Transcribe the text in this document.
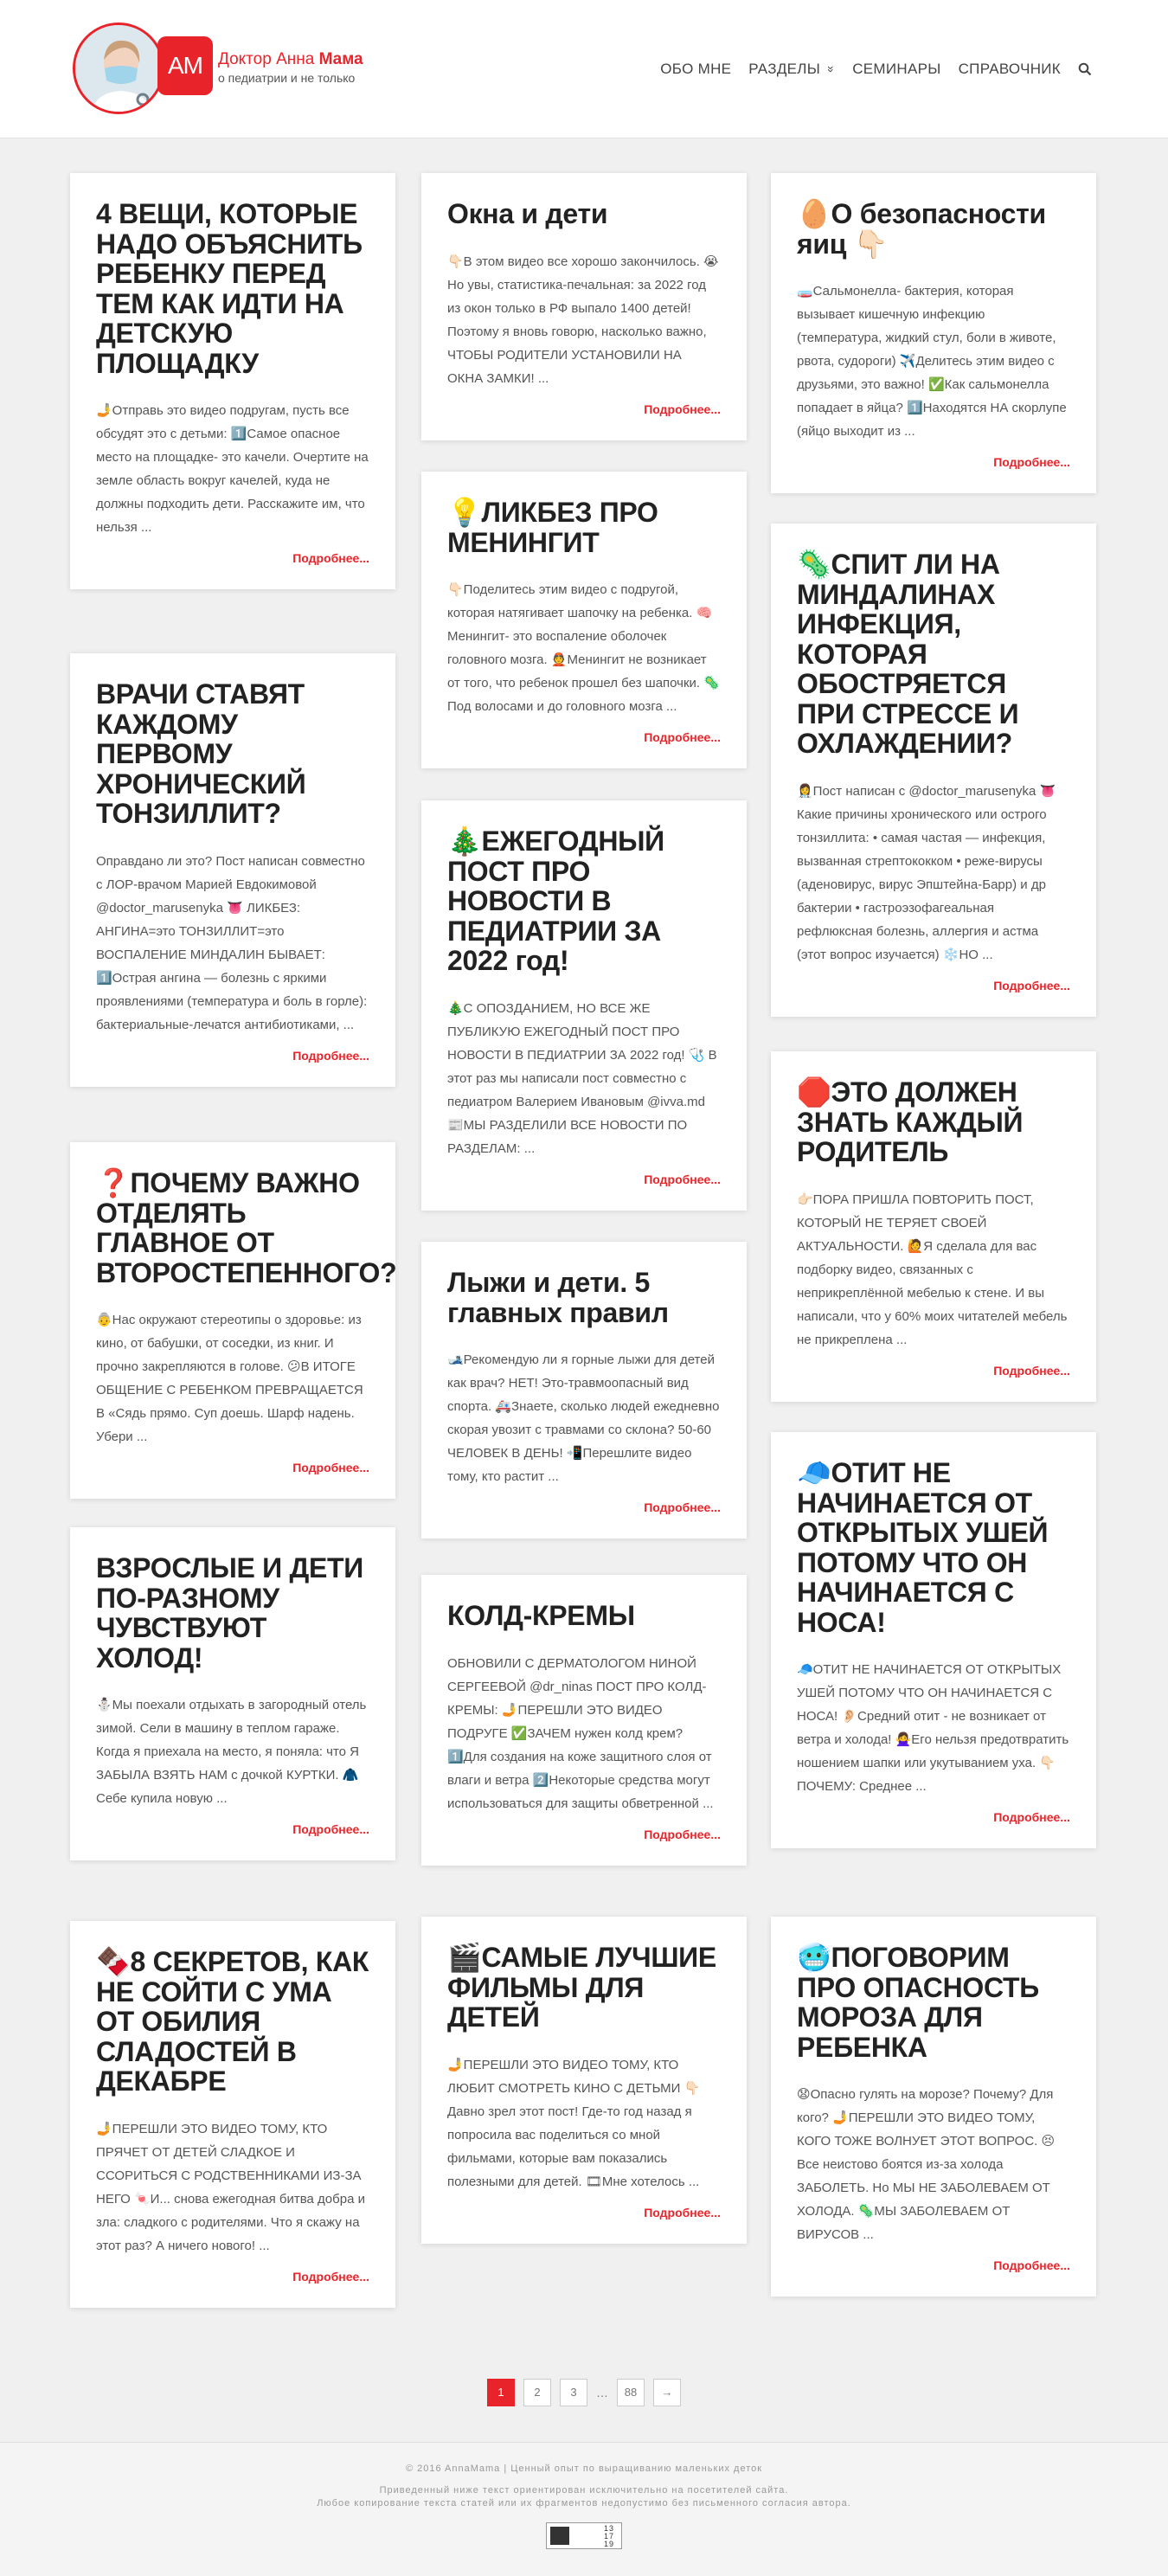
AM Доктор Анна Мама
о педиатрии и не только
ОБО МНЕ РАЗДЕЛЫ » СЕМИНАРЫ СПРАВОЧНИК
4 ВЕЩИ, КОТОРЫЕ НАДО ОБЪЯСНИТЬ РЕБЕНКУ ПЕРЕД ТЕМ КАК ИДТИ НА ДЕТСКУЮ ПЛОЩАДКУ
🤳Отправь это видео подругам, пусть все обсудят это с детьми: 1️⃣Самое опасное место на площадке- это качели. Очертите на земле область вокруг качелей, куда не должны подходить дети. Расскажите им, что нельзя ...
Подробнее...
ВРАЧИ СТАВЯТ КАЖДОМУ ПЕРВОМУ ХРОНИЧЕСКИЙ ТОНЗИЛЛИТ?
Оправдано ли это? Пост написан совместно с ЛОР-врачом Марией Евдокимовой @doctor_marusenyka 👅 ЛИКБЕЗ: АНГИНА=это ТОНЗИЛЛИТ=это ВОСПАЛЕНИЕ МИНДАЛИН БЫВАЕТ: 1️⃣Острая ангина — болезнь с яркими проявлениями (температура и боль в горле): бактериальные-лечатся антибиотиками, ...
Подробнее...
❓ПОЧЕМУ ВАЖНО ОТДЕЛЯТЬ ГЛАВНОЕ ОТ ВТОРОСТЕПЕННОГО?
👵Нас окружают стереотипы о здоровье: из кино, от бабушки, от соседки, из книг. И прочно закрепляются в голове. 😕В ИТОГЕ ОБЩЕНИЕ С РЕБЕНКОМ ПРЕВРАЩАЕТСЯ В «Сядь прямо. Суп доешь. Шарф надень. Убери ...
Подробнее...
ВЗРОСЛЫЕ И ДЕТИ ПО-РАЗНОМУ ЧУВСТВУЮТ ХОЛОД!
⛄Мы поехали отдыхать в загородный отель зимой. Сели в машину в теплом гараже. Когда я приехала на место, я поняла: что Я ЗАБЫЛА ВЗЯТЬ НАМ с дочкой КУРТКИ. 🧥Себе купила новую ...
Подробнее...
🍫8 СЕКРЕТОВ, КАК НЕ СОЙТИ С УМА ОТ ОБИЛИЯ СЛАДОСТЕЙ В ДЕКАБРЕ
🤳ПЕРЕШЛИ ЭТО ВИДЕО ТОМУ, КТО ПРЯЧЕТ ОТ ДЕТЕЙ СЛАДКОЕ И ССОРИТЬСЯ С РОДСТВЕННИКАМИ ИЗ-ЗА НЕГО 🍬И... снова ежегодная битва добра и зла: сладкого с родителями. Что я скажу на этот раз? А ничего нового! ...
Подробнее...
Окна и дети
👇🏻В этом видео все хорошо закончилось. 😭Но увы, статистика-печальная: за 2022 год из окон только в РФ выпало 1400 детей! Поэтому я вновь говорю, насколько важно, ЧТОБЫ РОДИТЕЛИ УСТАНОВИЛИ НА ОКНА ЗАМКИ! ...
Подробнее...
💡ЛИКБЕЗ ПРО МЕНИНГИТ
👇🏻Поделитесь этим видео с подругой, которая натягивает шапочку на ребенка. 🧠Менингит- это воспаление оболочек головного мозга. 👲Менингит не возникает от того, что ребенок прошел без шапочки. 🦠Под волосами и до головного мозга ...
Подробнее...
🎄ЕЖЕГОДНЫЙ ПОСТ ПРО НОВОСТИ В ПЕДИАТРИИ ЗА 2022 год!
🎄С ОПОЗДАНИЕМ, НО ВСЕ ЖЕ ПУБЛИКУЮ ЕЖЕГОДНЫЙ ПОСТ ПРО НОВОСТИ В ПЕДИАТРИИ ЗА 2022 год! 🩺 В этот раз мы написали пост совместно с педиатром Валерием Ивановым @ivva.md 📰МЫ РАЗДЕЛИЛИ ВСЕ НОВОСТИ ПО РАЗДЕЛАМ: ...
Подробнее...
Лыжи и дети. 5 главных правил
🎿Рекомендую ли я горные лыжи для детей как врач? НЕТ! Это-травмоопасный вид спорта. 🚑Знаете, сколько людей ежедневно скорая увозит с травмами со склона? 50-60 ЧЕЛОВЕК В ДЕНЬ! 📲Перешлите видео тому, кто растит ...
Подробнее...
КОЛД-КРЕМЫ
ОБНОВИЛИ С ДЕРМАТОЛОГОМ НИНОЙ СЕРГЕЕВОЙ @dr_ninas ПОСТ ПРО КОЛД-КРЕМЫ: 🤳ПЕРЕШЛИ ЭТО ВИДЕО ПОДРУГЕ ✅ЗАЧЕМ нужен колд крем? 1️⃣Для создания на коже защитного слоя от влаги и ветра 2️⃣Некоторые средства могут использоваться для защиты обветренной ...
Подробнее...
🎬САМЫЕ ЛУЧШИЕ ФИЛЬМЫ ДЛЯ ДЕТЕЙ
🤳ПЕРЕШЛИ ЭТО ВИДЕО ТОМУ, КТО ЛЮБИТ СМОТРЕТЬ КИНО С ДЕТЬМИ 👇🏻 Давно зрел этот пост! Где-то год назад я попросила вас поделиться со мной фильмами, которые вам показались полезными для детей. 🎞Мне хотелось ...
Подробнее...
🥚О безопасности яиц 👇🏻
🧫Сальмонелла- бактерия, которая вызывает кишечную инфекцию (температура, жидкий стул, боли в животе, рвота, судороги) ✈️Делитесь этим видео с друзьями, это важно! ✅Как сальмонелла попадает в яйца? 1️⃣Находятся НА скорлупе (яйцо выходит из ...
Подробнее...
🦠СПИТ ЛИ НА МИНДАЛИНАХ ИНФЕКЦИЯ, КОТОРАЯ ОБОСТРЯЕТСЯ ПРИ СТРЕССЕ И ОХЛАЖДЕНИИ?
👩‍⚕️Пост написан с @doctor_marusenyka 👅 Какие причины хронического или острого тонзиллита: • самая частая — инфекция, вызванная стрептококком • реже-вирусы (аденовирус, вирус Эпштейна-Барр) и др бактерии • гастроэзофагеальная рефлюксная болезнь, аллергия и астма (этот вопрос изучается) ❄️НО ...
Подробнее...
🛑ЭТО ДОЛЖЕН ЗНАТЬ КАЖДЫЙ РОДИТЕЛЬ
👉🏻ПОРА ПРИШЛА ПОВТОРИТЬ ПОСТ, КОТОРЫЙ НЕ ТЕРЯЕТ СВОЕЙ АКТУАЛЬНОСТИ. 🙋Я сделала для вас подборку видео, связанных с неприкреплённой мебелью к стене. И вы написали, что у 60% моих читателей мебель не прикреплена ...
Подробнее...
🧢ОТИТ НЕ НАЧИНАЕТСЯ ОТ ОТКРЫТЫХ УШЕЙ ПОТОМУ ЧТО ОН НАЧИНАЕТСЯ С НОСА!
🧢ОТИТ НЕ НАЧИНАЕТСЯ ОТ ОТКРЫТЫХ УШЕЙ ПОТОМУ ЧТО ОН НАЧИНАЕТСЯ С НОСА! 👂🏻Средний отит - не возникает от ветра и холода! 🙅‍♀️Его нельзя предотвратить ношением шапки или укутыванием уха. 👇🏻ПОЧЕМУ: Среднее ...
Подробнее...
🥶ПОГОВОРИМ ПРО ОПАСНОСТЬ МОРОЗА ДЛЯ РЕБЕНКА
😧Опасно гулять на морозе? Почему? Для кого? 🤳ПЕРЕШЛИ ЭТО ВИДЕО ТОМУ, КОГО ТОЖЕ ВОЛНУЕТ ЭТОТ ВОПРОС. 😣 Все неистово боятся из-за холода ЗАБОЛЕТЬ. Но МЫ НЕ ЗАБОЛЕВАЕМ ОТ ХОЛОДА. 🦠МЫ ЗАБОЛЕВАЕМ ОТ ВИРУСОВ ...
Подробнее...
1	2	3	…	88	→

© 2016 AnnaMama | Ценный опыт по выращиванию маленьких деток

Приведенный ниже текст ориентирован исключительно на посетителей сайта.
Любое копирование текста статей или их фрагментов недопустимо без письменного согласия автора.
13
17
19
